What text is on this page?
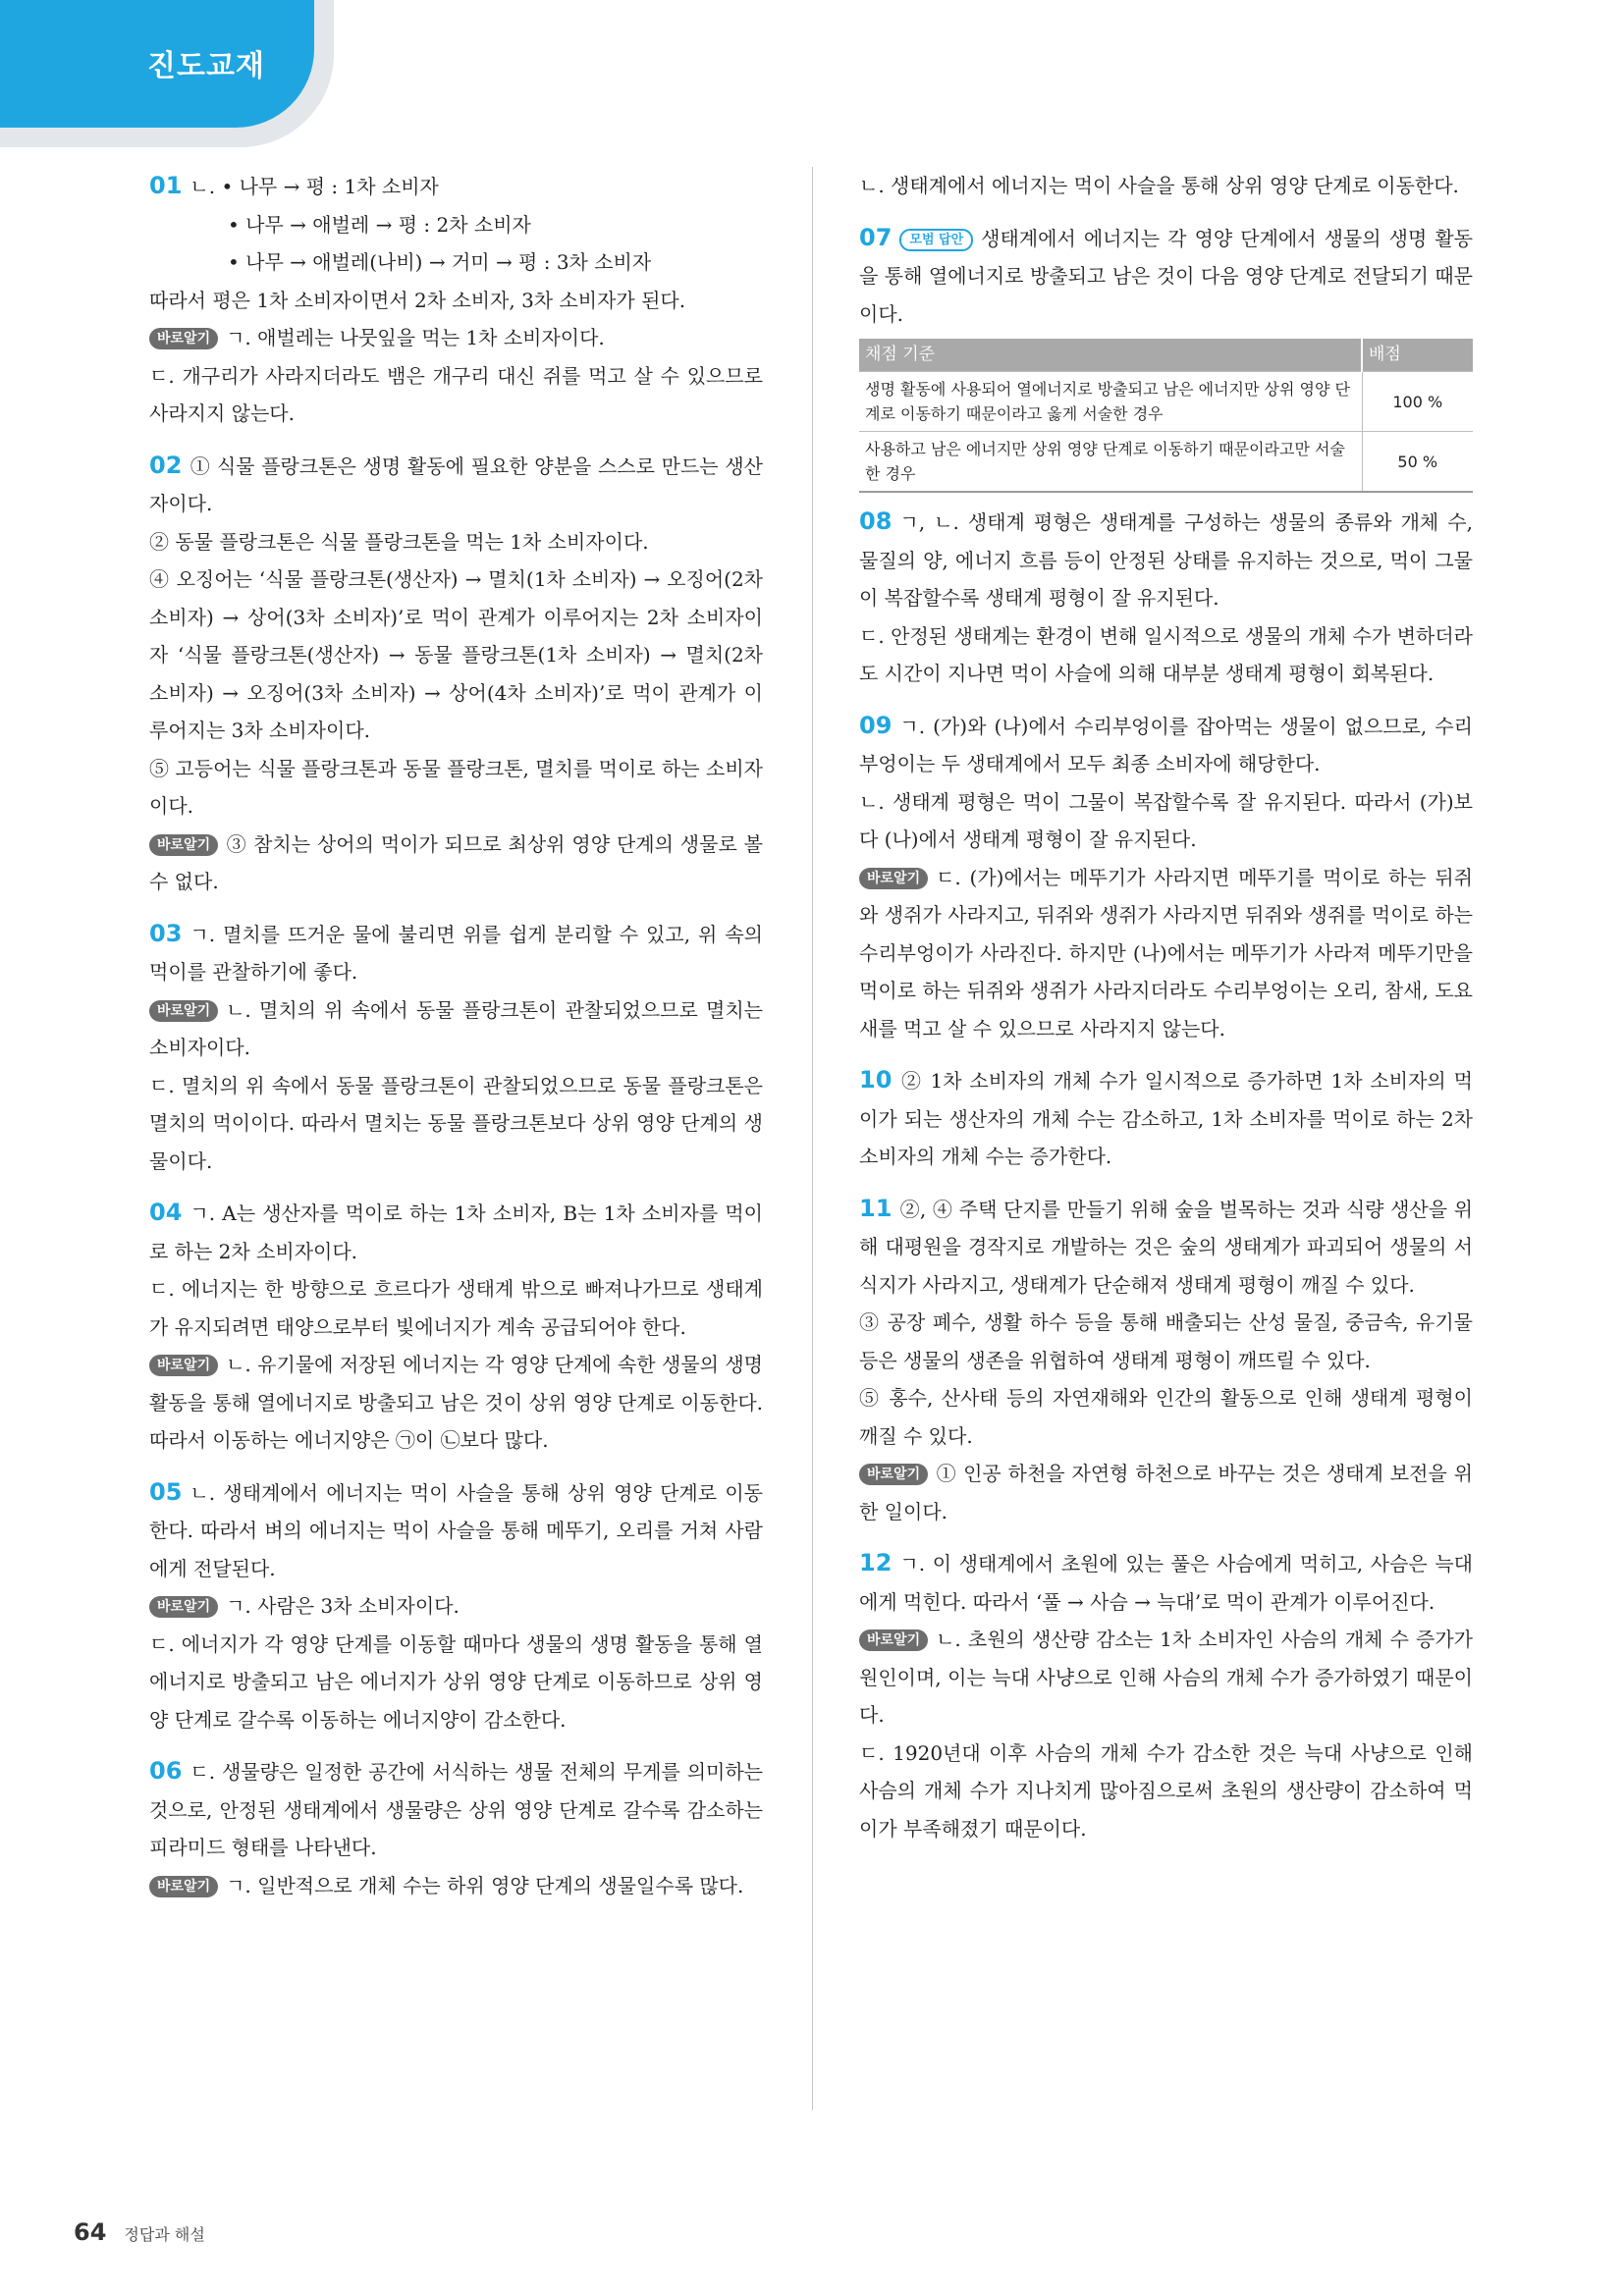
진도교재
01 ㄴ. • 나무 → 평 : 1차 소비자
• 나무 → 애벌레 → 평 : 2차 소비자
• 나무 → 애벌레(나비) → 거미 → 평 : 3차 소비자
따라서 평은 1차 소비자이면서 2차 소비자, 3차 소비자가 된다.
바로알기 ㄱ. 애벌레는 나뭇잎을 먹는 1차 소비자이다.
ㄷ. 개구리가 사라지더라도 뱀은 개구리 대신 쥐를 먹고 살 수 있으므로 사라지지 않는다.
02 ① 식물 플랑크톤은 생명 활동에 필요한 양분을 스스로 만드는 생산자이다.
② 동물 플랑크톤은 식물 플랑크톤을 먹는 1차 소비자이다.
④ 오징어는 ‘식물 플랑크톤(생산자) → 멸치(1차 소비자) → 오징어(2차 소비자) → 상어(3차 소비자)’로 먹이 관계가 이루어지는 2차 소비자이자 ‘식물 플랑크톤(생산자) → 동물 플랑크톤(1차 소비자) → 멸치(2차 소비자) → 오징어(3차 소비자) → 상어(4차 소비자)’로 먹이 관계가 이루어지는 3차 소비자이다.
⑤ 고등어는 식물 플랑크톤과 동물 플랑크톤, 멸치를 먹이로 하는 소비자이다.
바로알기 ③ 참치는 상어의 먹이가 되므로 최상위 영양 단계의 생물로 볼 수 없다.
03 ㄱ. 멸치를 뜨거운 물에 불리면 위를 쉽게 분리할 수 있고, 위 속의 먹이를 관찰하기에 좋다.
바로알기 ㄴ. 멸치의 위 속에서 동물 플랑크톤이 관찰되었으므로 멸치는 소비자이다.
ㄷ. 멸치의 위 속에서 동물 플랑크톤이 관찰되었으므로 동물 플랑크톤은 멸치의 먹이이다. 따라서 멸치는 동물 플랑크톤보다 상위 영양 단계의 생물이다.
04 ㄱ. A는 생산자를 먹이로 하는 1차 소비자, B는 1차 소비자를 먹이로 하는 2차 소비자이다.
ㄷ. 에너지는 한 방향으로 흐르다가 생태계 밖으로 빠져나가므로 생태계가 유지되려면 태양으로부터 빛에너지가 계속 공급되어야 한다.
바로알기 ㄴ. 유기물에 저장된 에너지는 각 영양 단계에 속한 생물의 생명 활동을 통해 열에너지로 방출되고 남은 것이 상위 영양 단계로 이동한다. 따라서 이동하는 에너지양은 ㉠이 ㉡보다 많다.
05 ㄴ. 생태계에서 에너지는 먹이 사슬을 통해 상위 영양 단계로 이동한다. 따라서 벼의 에너지는 먹이 사슬을 통해 메뚜기, 오리를 거쳐 사람에게 전달된다.
바로알기 ㄱ. 사람은 3차 소비자이다.
ㄷ. 에너지가 각 영양 단계를 이동할 때마다 생물의 생명 활동을 통해 열에너지로 방출되고 남은 에너지가 상위 영양 단계로 이동하므로 상위 영양 단계로 갈수록 이동하는 에너지양이 감소한다.
06 ㄷ. 생물량은 일정한 공간에 서식하는 생물 전체의 무게를 의미하는 것으로, 안정된 생태계에서 생물량은 상위 영양 단계로 갈수록 감소하는 피라미드 형태를 나타낸다.
바로알기 ㄱ. 일반적으로 개체 수는 하위 영양 단계의 생물일수록 많다.
ㄴ. 생태계에서 에너지는 먹이 사슬을 통해 상위 영양 단계로 이동한다.
07 모범 답안 생태계에서 에너지는 각 영양 단계에서 생물의 생명 활동을 통해 열에너지로 방출되고 남은 것이 다음 영양 단계로 전달되기 때문이다.
채점 기준	배점
생명 활동에 사용되어 열에너지로 방출되고 남은 에너지만 상위 영양 단계로 이동하기 때문이라고 옳게 서술한 경우	100 %
사용하고 남은 에너지만 상위 영양 단계로 이동하기 때문이라고만 서술한 경우	50 %
08 ㄱ, ㄴ. 생태계 평형은 생태계를 구성하는 생물의 종류와 개체 수, 물질의 양, 에너지 흐름 등이 안정된 상태를 유지하는 것으로, 먹이 그물이 복잡할수록 생태계 평형이 잘 유지된다.
ㄷ. 안정된 생태계는 환경이 변해 일시적으로 생물의 개체 수가 변하더라도 시간이 지나면 먹이 사슬에 의해 대부분 생태계 평형이 회복된다.
09 ㄱ. (가)와 (나)에서 수리부엉이를 잡아먹는 생물이 없으므로, 수리부엉이는 두 생태계에서 모두 최종 소비자에 해당한다.
ㄴ. 생태계 평형은 먹이 그물이 복잡할수록 잘 유지된다. 따라서 (가)보다 (나)에서 생태계 평형이 잘 유지된다.
바로알기 ㄷ. (가)에서는 메뚜기가 사라지면 메뚜기를 먹이로 하는 뒤쥐와 생쥐가 사라지고, 뒤쥐와 생쥐가 사라지면 뒤쥐와 생쥐를 먹이로 하는 수리부엉이가 사라진다. 하지만 (나)에서는 메뚜기가 사라져 메뚜기만을 먹이로 하는 뒤쥐와 생쥐가 사라지더라도 수리부엉이는 오리, 참새, 도요새를 먹고 살 수 있으므로 사라지지 않는다.
10 ② 1차 소비자의 개체 수가 일시적으로 증가하면 1차 소비자의 먹이가 되는 생산자의 개체 수는 감소하고, 1차 소비자를 먹이로 하는 2차 소비자의 개체 수는 증가한다.
11 ②, ④ 주택 단지를 만들기 위해 숲을 벌목하는 것과 식량 생산을 위해 대평원을 경작지로 개발하는 것은 숲의 생태계가 파괴되어 생물의 서식지가 사라지고, 생태계가 단순해져 생태계 평형이 깨질 수 있다.
③ 공장 폐수, 생활 하수 등을 통해 배출되는 산성 물질, 중금속, 유기물 등은 생물의 생존을 위협하여 생태계 평형이 깨뜨릴 수 있다.
⑤ 홍수, 산사태 등의 자연재해와 인간의 활동으로 인해 생태계 평형이 깨질 수 있다.
바로알기 ① 인공 하천을 자연형 하천으로 바꾸는 것은 생태계 보전을 위한 일이다.
12 ㄱ. 이 생태계에서 초원에 있는 풀은 사슴에게 먹히고, 사슴은 늑대에게 먹힌다. 따라서 ‘풀 → 사슴 → 늑대’로 먹이 관계가 이루어진다.
바로알기 ㄴ. 초원의 생산량 감소는 1차 소비자인 사슴의 개체 수 증가가 원인이며, 이는 늑대 사냥으로 인해 사슴의 개체 수가 증가하였기 때문이다.
ㄷ. 1920년대 이후 사슴의 개체 수가 감소한 것은 늑대 사냥으로 인해 사슴의 개체 수가 지나치게 많아짐으로써 초원의 생산량이 감소하여 먹이가 부족해졌기 때문이다.
64 정답과 해설
